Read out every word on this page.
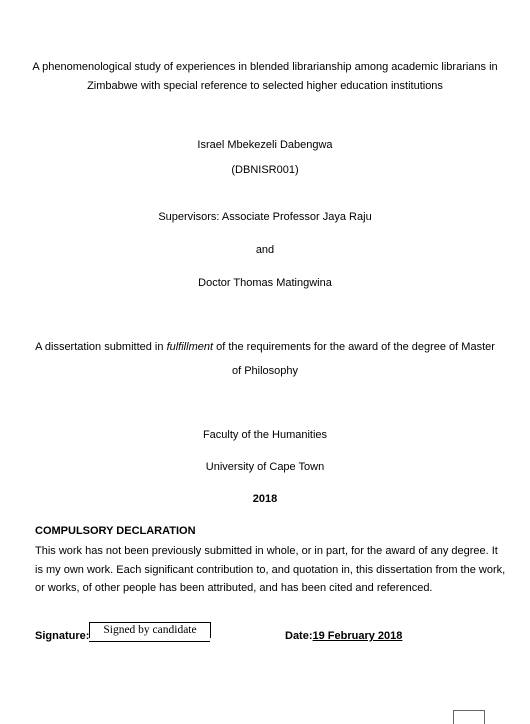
A phenomenological study of experiences in blended librarianship among academic librarians in
Zimbabwe with special reference to selected higher education institutions
Israel Mbekezeli Dabengwa
(DBNISR001)
Supervisors: Associate Professor Jaya Raju
and
Doctor Thomas Matingwina
A dissertation submitted in fulfillment of the requirements for the award of the degree of Master
of Philosophy
Faculty of the Humanities
University of Cape Town
2018
COMPULSORY DECLARATION
This work has not been previously submitted in whole, or in part, for the award of any degree. It
is my own work. Each significant contribution to, and quotation in, this dissertation from the work,
or works, of other people has been attributed, and has been cited and referenced.
Signature:	Signed by candidate	Date:19 February 2018
